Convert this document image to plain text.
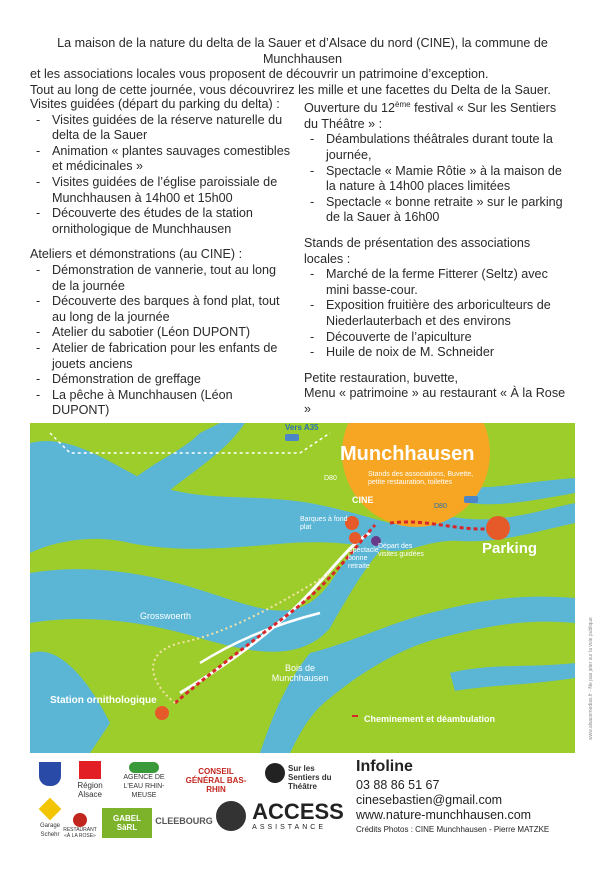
La maison de la nature du delta de la Sauer et d’Alsace du nord (CINE), la commune de Munchhausen
et les associations locales vous proposent de découvrir un patrimoine d’exception.
Tout au long de cette journée, vous découvrirez les mille et une facettes du Delta de la Sauer.
Visites guidées (départ du parking du delta) :
- Visites guidées de la réserve naturelle du delta de la Sauer
- Animation « plantes sauvages comestibles et médicinales »
- Visites guidées de l’église paroissiale de Munchhausen à 14h00 et 15h00
- Découverte des études de la station ornithologique de Munchhausen
Ateliers et démonstrations (au CINE) :
- Démonstration de vannerie, tout au long de la journée
- Découverte des barques à fond plat, tout au long de la journée
- Atelier du sabotier (Léon DUPONT)
- Atelier de fabrication pour les enfants de jouets anciens
- Démonstration de greffage
- La pêche à Munchhausen (Léon DUPONT)
Ouverture du 12ème festival « Sur les Sentiers du Théâtre » :
- Déambulations théâtrales durant toute la journée,
- Spectacle « Mamie Rôtie » à la maison de la nature à 14h00 places limitées
- Spectacle « bonne retraite » sur le parking de la Sauer à 16h00
Stands de présentation des associations locales :
- Marché de la ferme Fitterer (Seltz) avec mini basse-cour.
- Exposition fruitière des arboriculteurs de Niederlauterbach et des environs
- Découverte de l’apiculture
- Huile de noix de M. Schneider
Petite restauration, buvette,
Menu « patrimoine » au restaurant « À la Rose »
Vers A35
Munchhausen
D80
D80
Stands des associations, Buvette, petite restauration, toilettes
CINE
Barques à fond plat
Spectacle bonne retraite
Départ des visites guidées	Parking
Grosswoerth
Bois de Munchhausen
Station ornithologique
Cheminement et déambulation	www.alsacemedias.fr - Ne pas jeter sur la voie publique
Région Alsace
AGENCE DE L'EAU RHIN-MEUSE
CONSEIL GÉNÉRAL BAS-RHIN
Sur les Sentiers du Théâtre
Garage Schehr
RESTAURANT «À LA ROSE»
GABEL SàRL
CLEEBOURG ACCESS
ASSISTANCE
Infoline
03 88 86 51 67
cinesebastien@gmail.com
www.nature-munchhausen.com
Crédits Photos : CINE Munchhausen - Pierre MATZKE
